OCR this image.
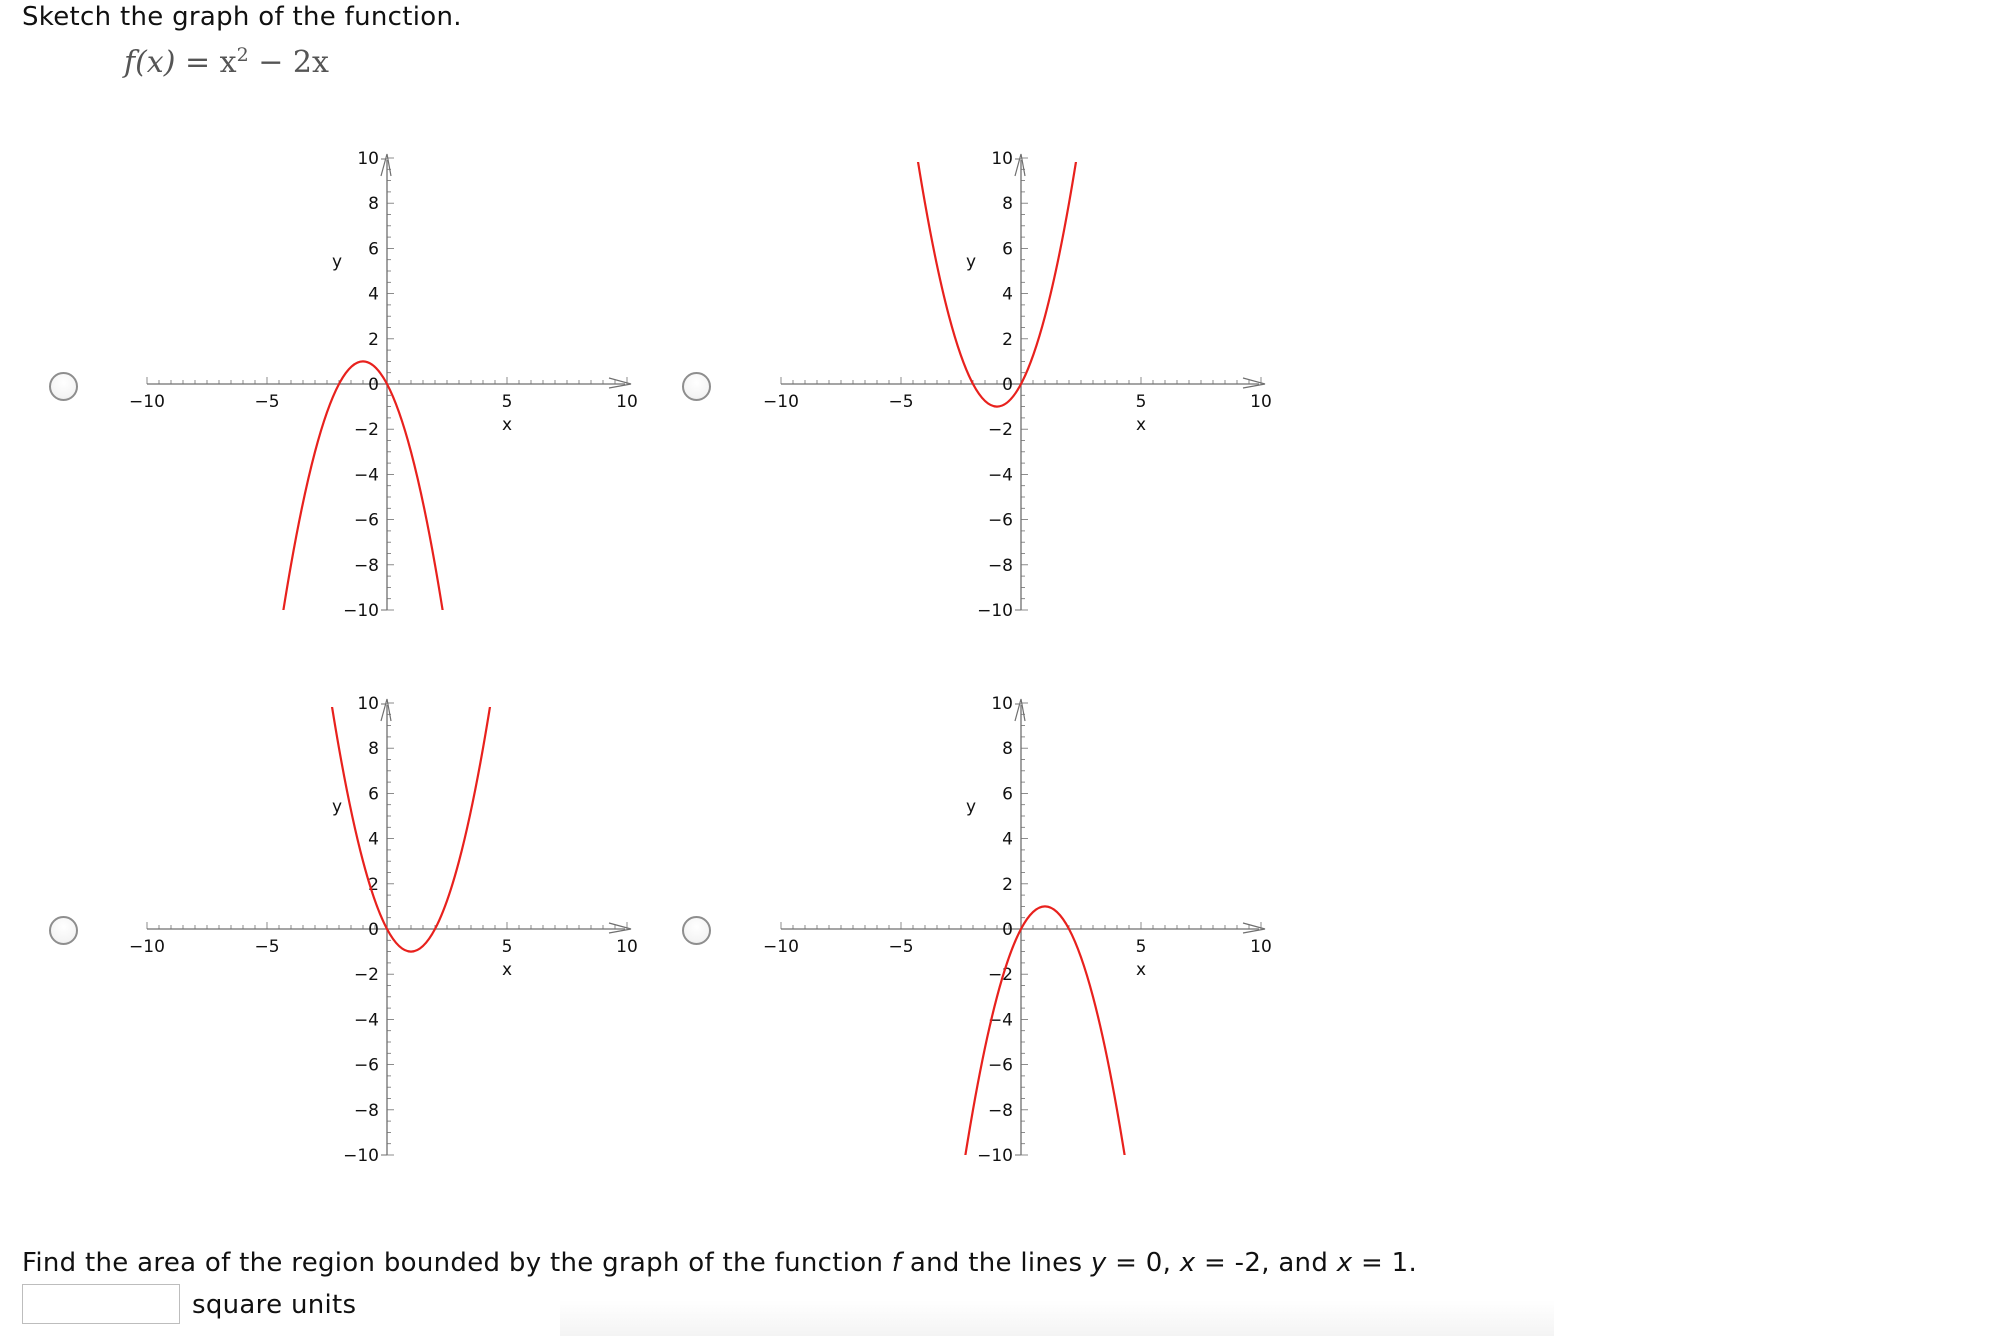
Sketch the graph of the function.
$f(x) = x^2 - 2x$
−10	−5	5	10
10
8
6
4
2
0
−2
−4
−6
−8
−10
x
y
−10	−5	5	10
10
8
6
4
2
0
−2
−4
−6
−8
−10
x
y
−10	−5	5	10
10
8
6
4
2
0
−2
−4
−6
−8
−10
x
y
−10	−5	5	10
10
8
6
4
2
0
−2
−4
−6
−8
−10
x
y
Find the area of the region bounded by the graph of the function f and the lines y = 0, x = -2, and x = 1.
square units
